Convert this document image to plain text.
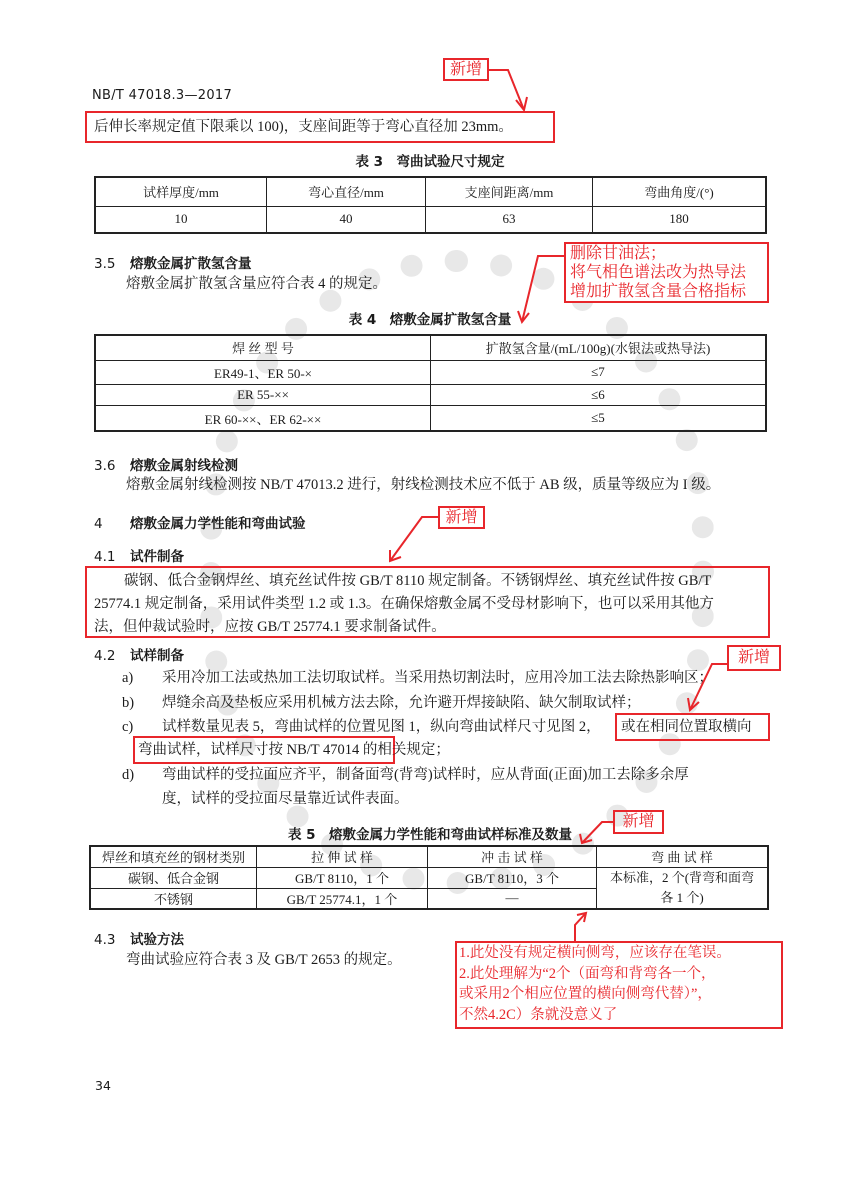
NB/T 47018.3—2017
后伸长率规定值下限乘以 100)，支座间距等于弯心直径加 23mm。
表 3　弯曲试验尺寸规定
试样厚度/mm	弯心直径/mm	支座间距离/mm	弯曲角度/(°)
10	40	63	180
3.5 熔敷金属扩散氢含量
熔敷金属扩散氢含量应符合表 4 的规定。
表 4　熔敷金属扩散氢含量
焊 丝 型 号	扩散氢含量/(mL/100g)(水银法或热导法)
ER49-1、ER 50-×	≤7
ER 55-××	≤6
ER 60-××、ER 62-××	≤5
3.6 熔敷金属射线检测
熔敷金属射线检测按 NB/T 47013.2 进行，射线检测技术应不低于 AB 级，质量等级应为 I 级。
4 熔敷金属力学性能和弯曲试验
4.1 试件制备
碳钢、低合金钢焊丝、填充丝试件按 GB/T 8110 规定制备。不锈钢焊丝、填充丝试件按 GB/T
25774.1 规定制备，采用试件类型 1.2 或 1.3。在确保熔敷金属不受母材影响下，也可以采用其他方
法，但仲裁试验时，应按 GB/T 25774.1 要求制备试件。
4.2 试样制备
a) 采用冷加工法或热加工法切取试样。当采用热切割法时，应用冷加工法去除热影响区；
b) 焊缝余高及垫板应采用机械方法去除，允许避开焊接缺陷、缺欠制取试样；
c) 试样数量见表 5，弯曲试样的位置见图 1，纵向弯曲试样尺寸见图 2， 或在相同位置取横向
弯曲试样，试样尺寸按 NB/T 47014 的相关规定；
d) 弯曲试样的受拉面应齐平，制备面弯(背弯)试样时，应从背面(正面)加工去除多余厚
度，试样的受拉面尽量靠近试件表面。
表 5　熔敷金属力学性能和弯曲试样标准及数量
焊丝和填充丝的钢材类别	拉 伸 试 样	冲 击 试 样	弯 曲 试 样
碳钢、低合金钢	GB/T 8110，1 个	GB/T 8110，3 个	本标准，2 个(背弯和面弯
各 1 个)

不锈钢	GB/T 25774.1，1 个	—	
4.3 试验方法
弯曲试验应符合表 3 及 GB/T 2653 的规定。
新增
删除甘油法；
将气相色谱法改为热导法
增加扩散氢含量合格指标
新增
新增
新增
1.此处没有规定横向侧弯，应该存在笔误。
2.此处理解为“2个（面弯和背弯各一个，
或采用2个相应位置的横向侧弯代替）”，
不然4.2C）条就没意义了
34
